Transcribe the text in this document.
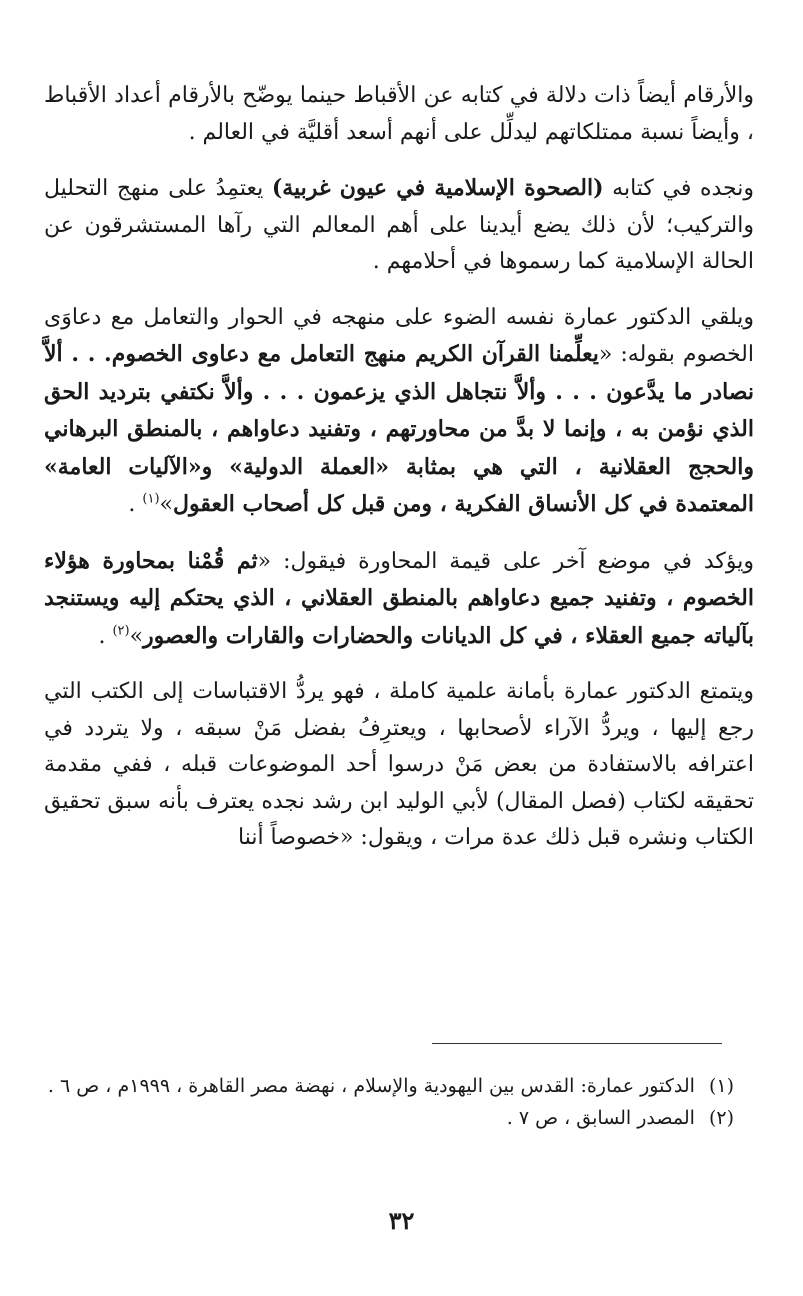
والأرقام أيضاً ذات دلالة في كتابه عن الأقباط حينما يوضّح بالأرقام أعداد الأقباط ، وأيضاً نسبة ممتلكاتهم ليدلِّل على أنهم أسعد أقليَّة في العالم .

ونجده في كتابه (الصحوة الإسلامية في عيون غربية) يعتمِدُ على منهج التحليل والتركيب؛ لأن ذلك يضع أيدينا على أهم المعالم التي رآها المستشرقون عن الحالة الإسلامية كما رسموها في أحلامهم .

ويلقي الدكتور عمارة نفسه الضوء على منهجه في الحوار والتعامل مع دعاوَى الخصوم بقوله: «يعلِّمنا القرآن الكريم منهج التعامل مع دعاوى الخصوم. . . ألاَّ نصادر ما يدَّعون . . . وألاَّ نتجاهل الذي يزعمون . . . وألاَّ نكتفي بترديد الحق الذي نؤمن به ، وإنما لا بدَّ من محاورتهم ، وتفنيد دعاواهم ، بالمنطق البرهاني والحجج العقلانية ، التي هي بمثابة «العملة الدولية» و«الآليات العامة» المعتمدة في كل الأنساق الفكرية ، ومن قبل كل أصحاب العقول»$^{(١)}$ .

ويؤكد في موضع آخر على قيمة المحاورة فيقول: «ثم قُمْنا بمحاورة هؤلاء الخصوم ، وتفنيد جميع دعاواهم بالمنطق العقلاني ، الذي يحتكم إليه ويستنجد بآلياته جميع العقلاء ، في كل الديانات والحضارات والقارات والعصور»$^{(٢)}$ .

ويتمتع الدكتور عمارة بأمانة علمية كاملة ، فهو يردُّ الاقتباسات إلى الكتب التي رجع إليها ، ويردُّ الآراء لأصحابها ، ويعترِفُ بفضل مَنْ سبقه ، ولا يتردد في اعترافه بالاستفادة من بعض مَنْ درسوا أحد الموضوعات قبله ، ففي مقدمة تحقيقه لكتاب (فصل المقال) لأبي الوليد ابن رشد نجده يعترف بأنه سبق تحقيق الكتاب ونشره قبل ذلك عدة مرات ، ويقول: «خصوصاً أننا

(١)
الدكتور عمارة: القدس بين اليهودية والإسلام ، نهضة مصر القاهرة ، ١٩٩٩م ، ص ٦ .
(٢)
المصدر السابق ، ص ٧ .
٣٢
